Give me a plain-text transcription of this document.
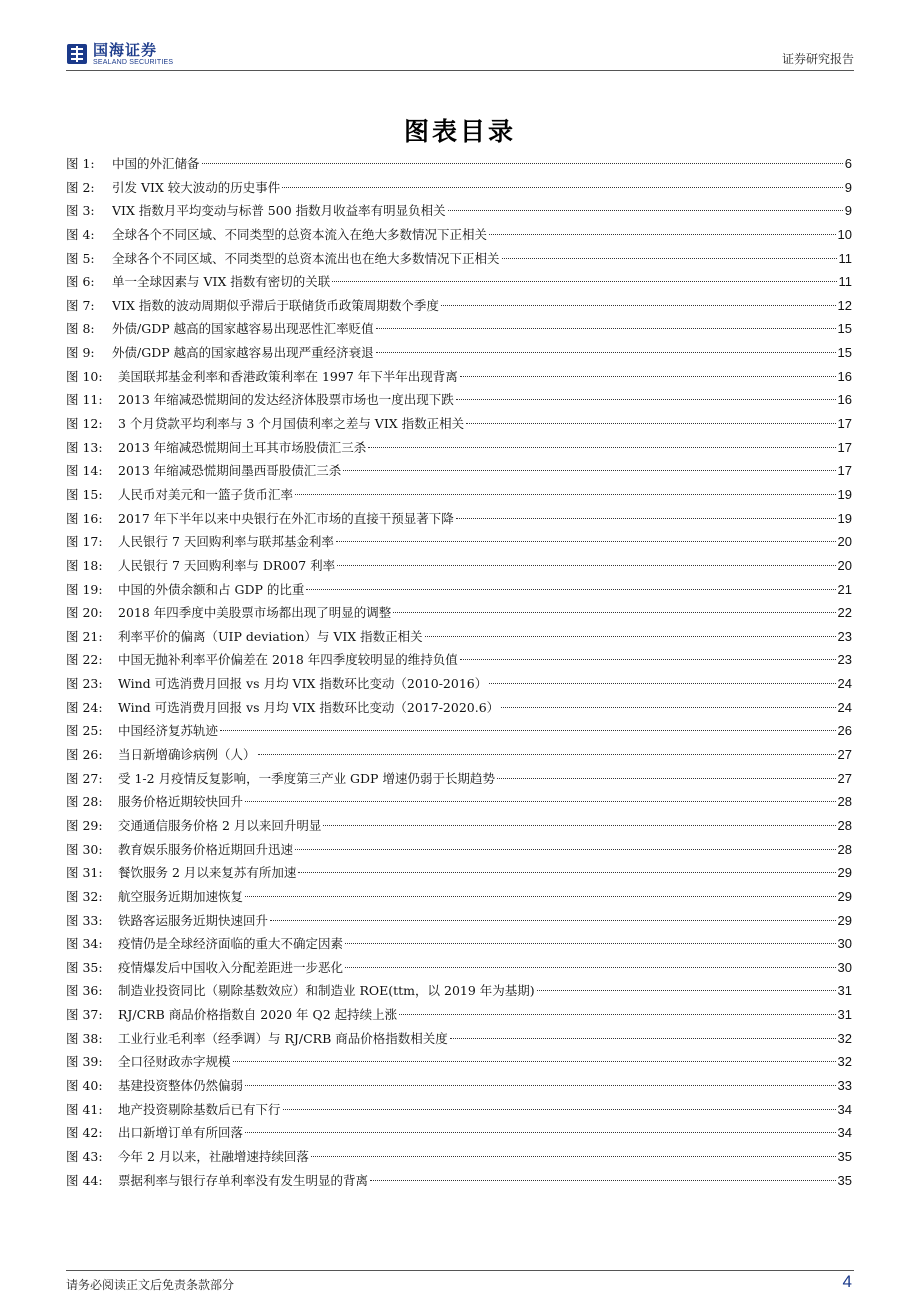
国海证券
SEALAND SECURITIES	证券研究报告
图表目录
图 1:	中国的外汇储备	6
图 2:	引发 VIX 较大波动的历史事件	9
图 3:	VIX 指数月平均变动与标普 500 指数月收益率有明显负相关	9
图 4:	全球各个不同区域、不同类型的总资本流入在绝大多数情况下正相关	10
图 5:	全球各个不同区域、不同类型的总资本流出也在绝大多数情况下正相关	11
图 6:	单一全球因素与 VIX 指数有密切的关联	11
图 7:	VIX 指数的波动周期似乎滞后于联储货币政策周期数个季度	12
图 8:	外债/GDP 越高的国家越容易出现恶性汇率贬值	15
图 9:	外债/GDP 越高的国家越容易出现严重经济衰退	15
图 10:	美国联邦基金利率和香港政策利率在 1997 年下半年出现背离	16
图 11:	2013 年缩减恐慌期间的发达经济体股票市场也一度出现下跌	16
图 12:	3 个月贷款平均利率与 3 个月国债利率之差与 VIX 指数正相关	17
图 13:	2013 年缩减恐慌期间土耳其市场股债汇三杀	17
图 14:	2013 年缩减恐慌期间墨西哥股债汇三杀	17
图 15:	人民币对美元和一篮子货币汇率	19
图 16:	2017 年下半年以来中央银行在外汇市场的直接干预显著下降	19
图 17:	人民银行 7 天回购利率与联邦基金利率	20
图 18:	人民银行 7 天回购利率与 DR007 利率	20
图 19:	中国的外债余额和占 GDP 的比重	21
图 20:	2018 年四季度中美股票市场都出现了明显的调整	22
图 21:	利率平价的偏离（UIP deviation）与 VIX 指数正相关	23
图 22:	中国无抛补利率平价偏差在 2018 年四季度较明显的维持负值	23
图 23:	Wind 可选消费月回报 vs 月均 VIX 指数环比变动（2010-2016）	24
图 24:	Wind 可选消费月回报 vs 月均 VIX 指数环比变动（2017-2020.6）	24
图 25:	中国经济复苏轨迹	26
图 26:	当日新增确诊病例（人）	27
图 27:	受 1-2 月疫情反复影响，一季度第三产业 GDP 增速仍弱于长期趋势	27
图 28:	服务价格近期较快回升	28
图 29:	交通通信服务价格 2 月以来回升明显	28
图 30:	教育娱乐服务价格近期回升迅速	28
图 31:	餐饮服务 2 月以来复苏有所加速	29
图 32:	航空服务近期加速恢复	29
图 33:	铁路客运服务近期快速回升	29
图 34:	疫情仍是全球经济面临的重大不确定因素	30
图 35:	疫情爆发后中国收入分配差距进一步恶化	30
图 36:	制造业投资同比（剔除基数效应）和制造业 ROE(ttm，以 2019 年为基期)	31
图 37:	RJ/CRB 商品价格指数自 2020 年 Q2 起持续上涨	31
图 38:	工业行业毛利率（经季调）与 RJ/CRB 商品价格指数相关度	32
图 39:	全口径财政赤字规模	32
图 40:	基建投资整体仍然偏弱	33
图 41:	地产投资剔除基数后已有下行	34
图 42:	出口新增订单有所回落	34
图 43:	今年 2 月以来，社融增速持续回落	35
图 44:	票据利率与银行存单利率没有发生明显的背离	35
请务必阅读正文后免责条款部分	4
